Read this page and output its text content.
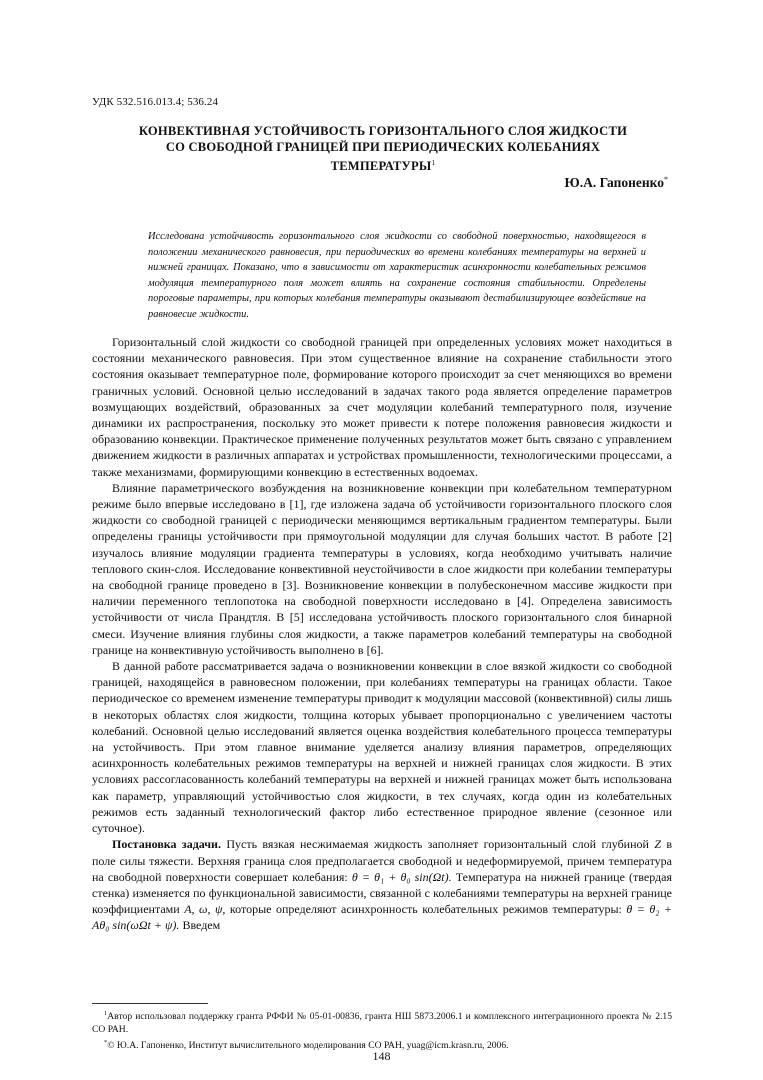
УДК 532.516.013.4; 536.24
КОНВЕКТИВНАЯ УСТОЙЧИВОСТЬ ГОРИЗОНТАЛЬНОГО СЛОЯ ЖИДКОСТИ
СО СВОБОДНОЙ ГРАНИЦЕЙ ПРИ ПЕРИОДИЧЕСКИХ КОЛЕБАНИЯХ
ТЕМПЕРАТУРЫ$^1$
Ю.А. Гапоненко*
Исследована устойчивость горизонтального слоя жидкости со свободной поверхностью, находящегося в положении механического равновесия, при периодических во времени колебаниях температуры на верхней и нижней границах. Показано, что в зависимости от характеристик асинхронности колебательных режимов модуляция температурного поля может влиять на сохранение состояния стабильности. Определены пороговые параметры, при которых колебания температуры оказывают дестабилизирующее воздействие на равновесие жидкости.

Горизонтальный слой жидкости со свободной границей при определенных условиях может находиться в состоянии механического равновесия. При этом существенное влияние на сохранение стабильности этого состояния оказывает температурное поле, формирование которого происходит за счет меняющихся во времени граничных условий. Основной целью исследований в задачах такого рода является определение параметров возмущающих воздействий, образованных за счет модуляции колебаний температурного поля, изучение динамики их распространения, поскольку это может привести к потере положения равновесия жидкости и образованию конвекции. Практическое применение полученных результатов может быть связано с управлением движением жидкости в различных аппаратах и устройствах промышленности, технологическими процессами, а также механизмами, формирующими конвекцию в естественных водоемах.

Влияние параметрического возбуждения на возникновение конвекции при колебательном температурном режиме было впервые исследовано в [1], где изложена задача об устойчивости горизонтального плоского слоя жидкости со свободной границей с периодически меняющимся вертикальным градиентом температуры. Были определены границы устойчивости при прямоугольной модуляции для случая больших частот. В работе [2] изучалось влияние модуляции градиента температуры в условиях, когда необходимо учитывать наличие теплового скин-слоя. Исследование конвективной неустойчивости в слое жидкости при колебании температуры на свободной границе проведено в [3]. Возникновение конвекции в полубесконечном массиве жидкости при наличии переменного теплопотока на свободной поверхности исследовано в [4]. Определена зависимость устойчивости от числа Прандтля. В [5] исследована устойчивость плоского горизонтального слоя бинарной смеси. Изучение влияния глубины слоя жидкости, а также параметров колебаний температуры на свободной границе на конвективную устойчивость выполнено в [6].

В данной работе рассматривается задача о возникновении конвекции в слое вязкой жидкости со свободной границей, находящейся в равновесном положении, при колебаниях температуры на границах области. Такое периодическое со временем изменение температуры приводит к модуляции массовой (конвективной) силы лишь в некоторых областях слоя жидкости, толщина которых убывает пропорционально с увеличением частоты колебаний. Основной целью исследований является оценка воздействия колебательного процесса температуры на устойчивость. При этом главное внимание уделяется анализу влияния параметров, определяющих асинхронность колебательных режимов температуры на верхней и нижней границах слоя жидкости. В этих условиях рассогласованность колебаний температуры на верхней и нижней границах может быть использована как параметр, управляющий устойчивостью слоя жидкости, в тех случаях, когда один из колебательных режимов есть заданный технологический фактор либо естественное природное явление (сезонное или суточное).

Постановка задачи. Пусть вязкая несжимаемая жидкость заполняет горизонтальный слой глубиной Z в поле силы тяжести. Верхняя граница слоя предполагается свободной и недеформируемой, причем температура на свободной поверхности совершает колебания: θ = θ₁ + θ₀ sin(Ωt). Температура на нижней границе (твердая стенка) изменяется по функциональной зависимости, связанной с колебаниями температуры на верхней границе коэффициентами A, ω, ψ, которые определяют асинхронность колебательных режимов температуры: θ = θ₂ + Aθ₀ sin(ωΩt + ψ). Введем

$^1$Автор использовал поддержку гранта РФФИ № 05-01-00836, гранта НШ 5873.2006.1 и комплексного интеграционного проекта № 2.15 СО РАН.

*© Ю.А. Гапоненко, Институт вычислительного моделирования СО РАН, yuag@icm.krasn.ru, 2006.

148
